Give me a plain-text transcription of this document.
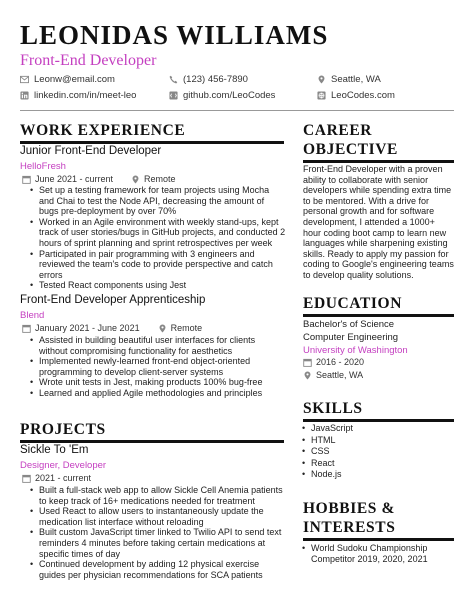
LEONIDAS WILLIAMS
Front-End Developer
Leonw@email.com	(123) 456-7890	Seattle, WA
linkedin.com/in/meet-leo	github.com/LeoCodes	LeoCodes.com
WORK EXPERIENCE
Junior Front-End Developer
HelloFresh
June 2021 - current	Remote
• Set up a testing framework for team projects using Mocha and Chai to test the Node API, decreasing the amount of bugs pre-deployment by over 70%
• Worked in an Agile environment with weekly stand-ups, kept track of user stories/bugs in GitHub projects, and conducted 2 hours of sprint planning and sprint retrospectives per week
• Participated in pair programming with 3 engineers and reviewed the team's code to provide perspective and catch errors
• Tested React components using Jest
Front-End Developer Apprenticeship
Blend
January 2021 - June 2021	Remote
• Assisted in building beautiful user interfaces for clients without compromising functionality for aesthetics
• Implemented newly-learned front-end object-oriented programming to develop client-server systems
• Wrote unit tests in Jest, making products 100% bug-free
• Learned and applied Agile methodologies and principles
PROJECTS
Sickle To 'Em
Designer, Developer
2021 - current
• Built a full-stack web app to allow Sickle Cell Anemia patients to keep track of 16+ medications needed for treatment
• Used React to allow users to instantaneously update the medication list interface without reloading
• Built custom JavaScript timer linked to Twilio API to send text reminders 4 minutes before taking certain medications at specific times of day
• Continued development by adding 12 physical exercise guides per physician recommendations for SCA patients
CAREER OBJECTIVE
Front-End Developer with a proven ability to collaborate with senior developers while spending extra time to be mentored. With a drive for personal growth and for software development, I attended a 1000+ hour coding boot camp to learn new languages while sharpening existing skills. Ready to apply my passion for coding to Google's engineering teams to develop quality solutions.
EDUCATION
Bachelor's of Science
Computer Engineering
University of Washington
2016 - 2020
Seattle, WA
SKILLS
• JavaScript
• HTML
• CSS
• React
• Node.js
HOBBIES & INTERESTS
• World Sudoku Championship Competitor 2019, 2020, 2021
